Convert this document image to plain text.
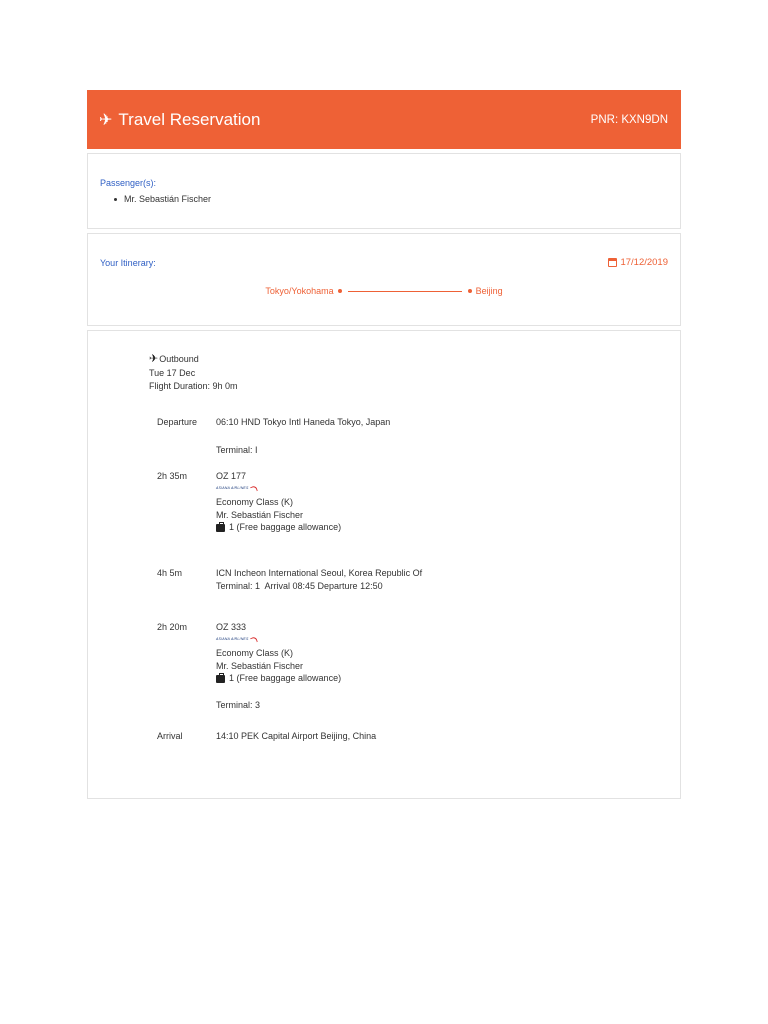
✈ Travel Reservation	PNR: KXN9DN
Passenger(s):
Mr. Sebastián Fischer
Your Itinerary:	17/12/2019
Tokyo/Yokohama	Beijing
✈ Outbound
Tue 17 Dec
Flight Duration: 9h 0m
Departure 06:10 HND Tokyo Intl Haneda Tokyo, Japan
Terminal: I
2h 35m	OZ 177
ASIANA AIRLINES
Economy Class (K)
Mr. Sebastián Fischer
1 (Free baggage allowance)
4h 5m	ICN Incheon International Seoul, Korea Republic Of
Terminal: 1  Arrival 08:45 Departure 12:50
2h 20m	OZ 333
ASIANA AIRLINES
Economy Class (K)
Mr. Sebastián Fischer
1 (Free baggage allowance)
Terminal: 3
Arrival	14:10 PEK Capital Airport Beijing, China
